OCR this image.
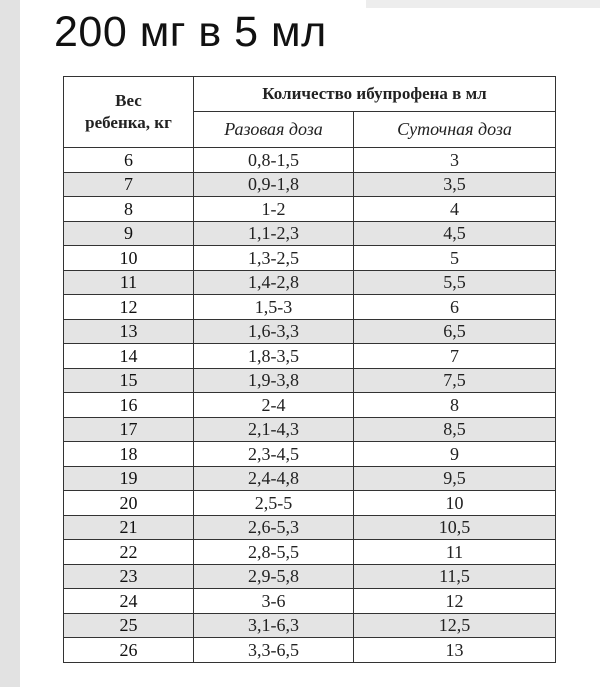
200 мг в 5 мл
Вес
ребенка, кг	Количество ибупрофена в мл	
	Разовая доза	Суточная доза
6	0,8-1,5	3
7	0,9-1,8	3,5
8	1-2	4
9	1,1-2,3	4,5
10	1,3-2,5	5
11	1,4-2,8	5,5
12	1,5-3	6
13	1,6-3,3	6,5
14	1,8-3,5	7
15	1,9-3,8	7,5
16	2-4	8
17	2,1-4,3	8,5
18	2,3-4,5	9
19	2,4-4,8	9,5
20	2,5-5	10
21	2,6-5,3	10,5
22	2,8-5,5	11
23	2,9-5,8	11,5
24	3-6	12
25	3,1-6,3	12,5
26	3,3-6,5	13
